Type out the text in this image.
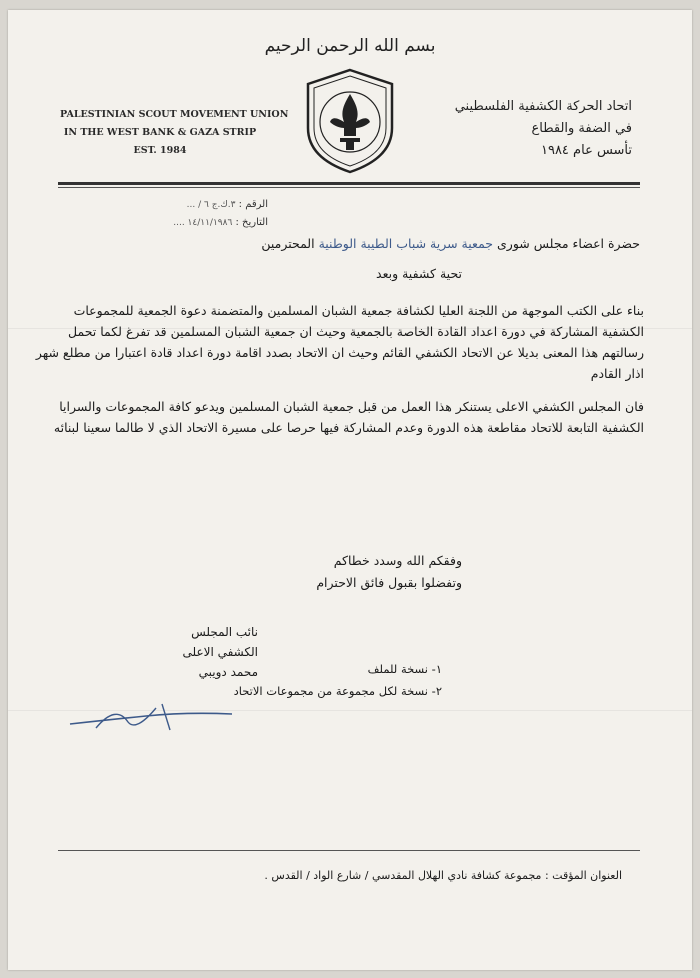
بسم الله الرحمن الرحيم
PALESTINIAN SCOUT MOVEMENT UNION
IN THE WEST BANK & GAZA STRIP
EST. 1984
اتحاد الحركة الكشفية الفلسطيني
في الضفة والقطاع
تأسس عام ١٩٨٤
الرقم : ٣.ك.ج ٦ / ...
التاريخ : ١٤/١١/١٩٨٦ ....
حضرة اعضاء مجلس شورى جمعية سرية شباب الطيبة الوطنية المحترمين
تحية كشفية وبعد

بناء على الكتب الموجهة من اللجنة العليا لكشافة جمعية الشبان المسلمين والمتضمنة دعوة الجمعية للمجموعات الكشفية المشاركة في دورة اعداد القادة الخاصة بالجمعية وحيث ان جمعية الشبان المسلمين قد تفرغ لكما تحمل رسالتهم هذا المعنى بديلا عن الاتحاد الكشفي القائم وحيث ان الاتحاد بصدد اقامة دورة اعداد قادة اعتبارا من مطلع شهر اذار القادم

فان المجلس الكشفي الاعلى يستنكر هذا العمل من قبل جمعية الشبان المسلمين ويدعو كافة المجموعات والسرايا الكشفية التابعة للاتحاد مقاطعة هذه الدورة وعدم المشاركة فيها حرصا على مسيرة الاتحاد الذي لا طالما سعينا لبنائه

وفقكم الله وسدد خطاكم
وتفضلوا بقبول فائق الاحترام
نائب المجلس
الكشفي الاعلى
محمد دويبي	١- نسخة للملف
٢- نسخة لكل مجموعة من مجموعات الاتحاد
العنوان المؤقت : مجموعة كشافة نادي الهلال المقدسي / شارع الواد / القدس .
